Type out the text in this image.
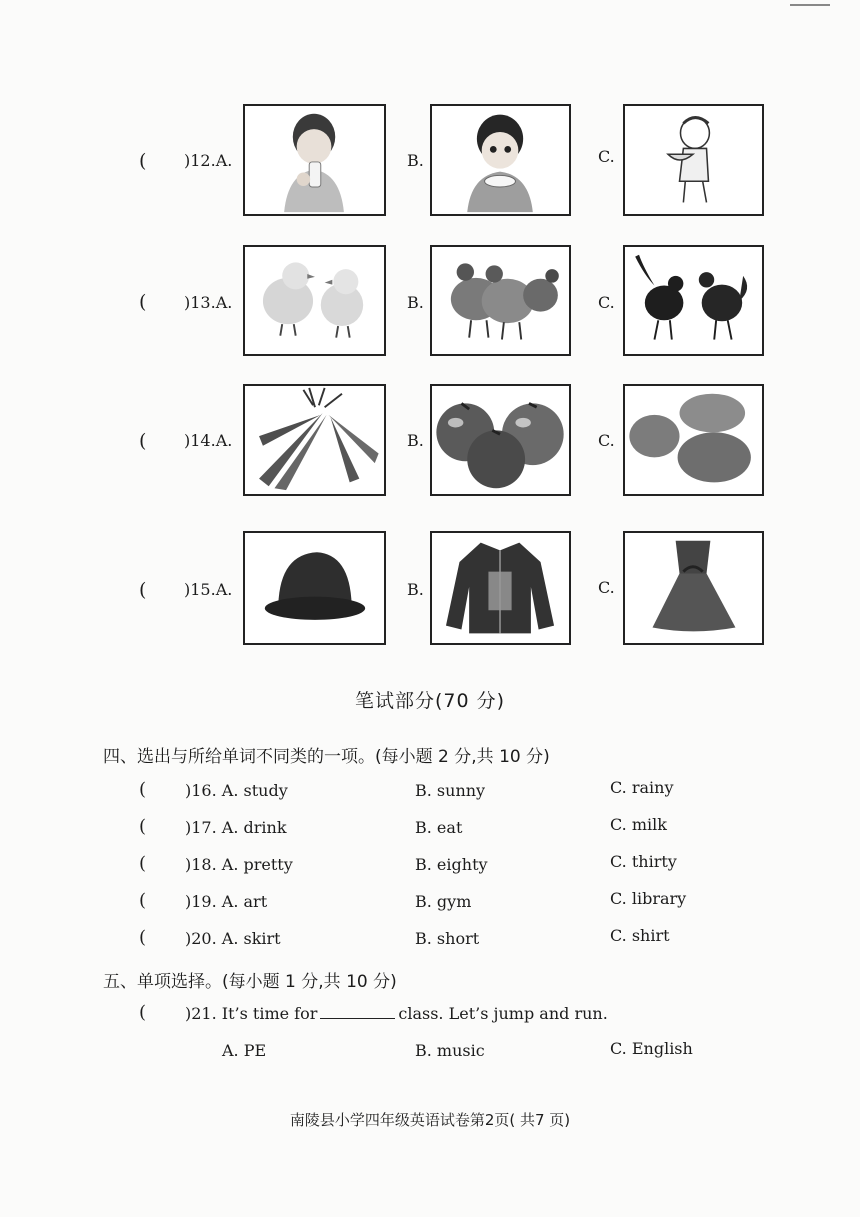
( )12.A.	B.	C.
( )13.A.	B.	C.
( )14.A.	B.	C.
( )15.A.	B.	C.
笔试部分(70 分)
四、选出与所给单词不同类的一项。(每小题 2 分,共 10 分)
( )16. A. study	B. sunny	C. rainy
( )17. A. drink	B. eat	C. milk
( )18. A. pretty	B. eighty	C. thirty
( )19. A. art	B. gym	C. library
( )20. A. skirt	B. short	C. shirt
五、单项选择。(每小题 1 分,共 10 分)
( )21. It’s time for	class. Let’s jump and run.
A. PE	B. music	C. English
南陵县小学四年级英语试卷第2页( 共7 页)
